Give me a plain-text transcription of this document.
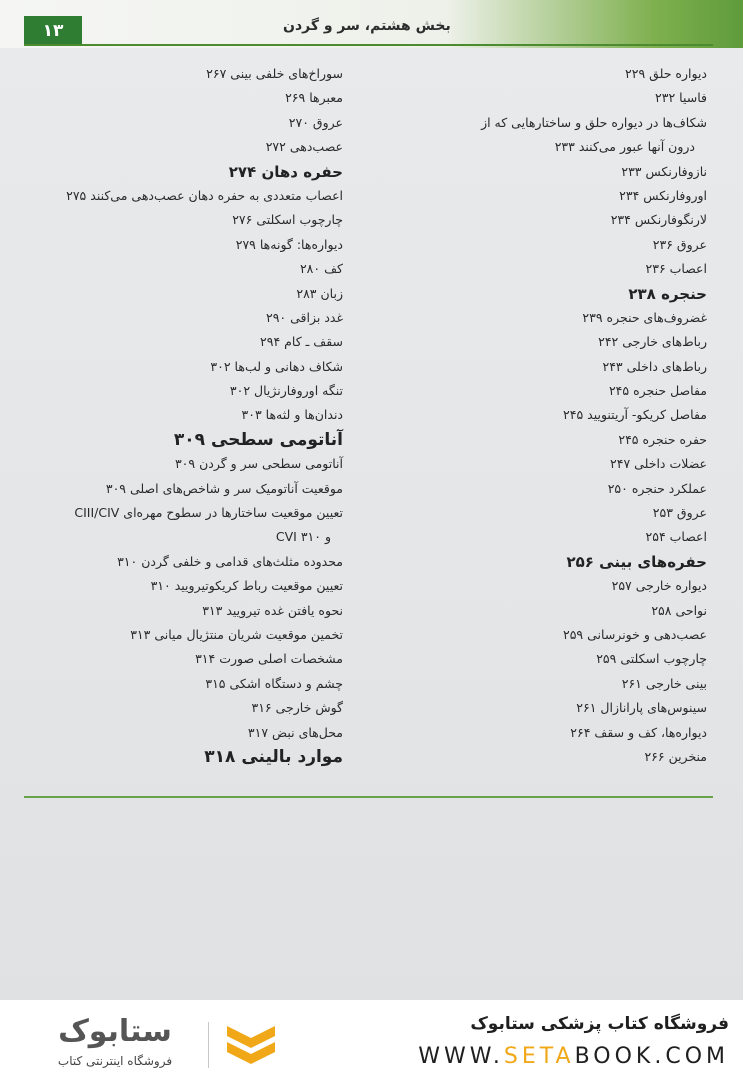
۱۳	بخش هشتم، سر و گردن
دیواره حلق ۲۲۹
فاسیا ۲۳۲
شکاف‌ها در دیواره حلق و ساختارهایی که از
درون آنها عبور می‌کنند ۲۳۳
نازوفارنکس ۲۳۳
اوروفارنکس ۲۳۴
لارنگوفارنکس ۲۳۴
عروق ۲۳۶
اعصاب ۲۳۶
حنجره ۲۳۸
غضروف‌های حنجره ۲۳۹
رباط‌های خارجی ۲۴۲
رباط‌های داخلی ۲۴۳
مفاصل حنجره ۲۴۵
مفاصل کریکو- آریتنویید ۲۴۵
حفره حنجره ۲۴۵
عضلات داخلی ۲۴۷
عملکرد حنجره ۲۵۰
عروق ۲۵۳
اعصاب ۲۵۴
حفره‌های بینی ۲۵۶
دیواره خارجی ۲۵۷
نواحی ۲۵۸
عصب‌دهی و خونرسانی ۲۵۹
چارچوب اسکلتی ۲۵۹
بینی خارجی ۲۶۱
سینوس‌های پارانازال ۲۶۱
دیواره‌ها، کف و سقف ۲۶۴
منخرین ۲۶۶
سوراخ‌های خلفی بینی ۲۶۷
معبرها ۲۶۹
عروق ۲۷۰
عصب‌دهی ۲۷۲
حفره دهان ۲۷۴
اعصاب متعددی به حفره دهان عصب‌دهی می‌کنند ۲۷۵
چارچوب اسکلتی ۲۷۶
دیواره‌ها: گونه‌ها ۲۷۹
کف ۲۸۰
زبان ۲۸۳
غدد بزاقی ۲۹۰
سقف ـ کام ۲۹۴
شکاف دهانی و لب‌ها ۳۰۲
تنگه اوروفارنژیال ۳۰۲
دندان‌ها و لثه‌ها ۳۰۳
آناتومی سطحی ۳۰۹
آناتومی سطحی سر و گردن ۳۰۹
موقعیت آناتومیک سر و شاخص‌های اصلی ۳۰۹
تعیین موقعیت ساختارها در سطوح مهره‌ای CIII/CIV
و CVI ۳۱۰
محدوده مثلث‌های قدامی و خلفی گردن ۳۱۰
تعیین موقعیت رباط کریکوتیرویید ۳۱۰
نحوه یافتن غده تیرویید ۳۱۳
تخمین موقعیت شریان منتژیال میانی ۳۱۳
مشخصات اصلی صورت ۳۱۴
چشم و دستگاه اشکی ۳۱۵
گوش خارجی ۳۱۶
محل‌های نبض ۳۱۷
موارد بالینی ۳۱۸
فروشگاه کتاب پزشکی ستابوک
WWW.SETABOOK.COM
ستابوک
فروشگاه اینترنتی کتاب
